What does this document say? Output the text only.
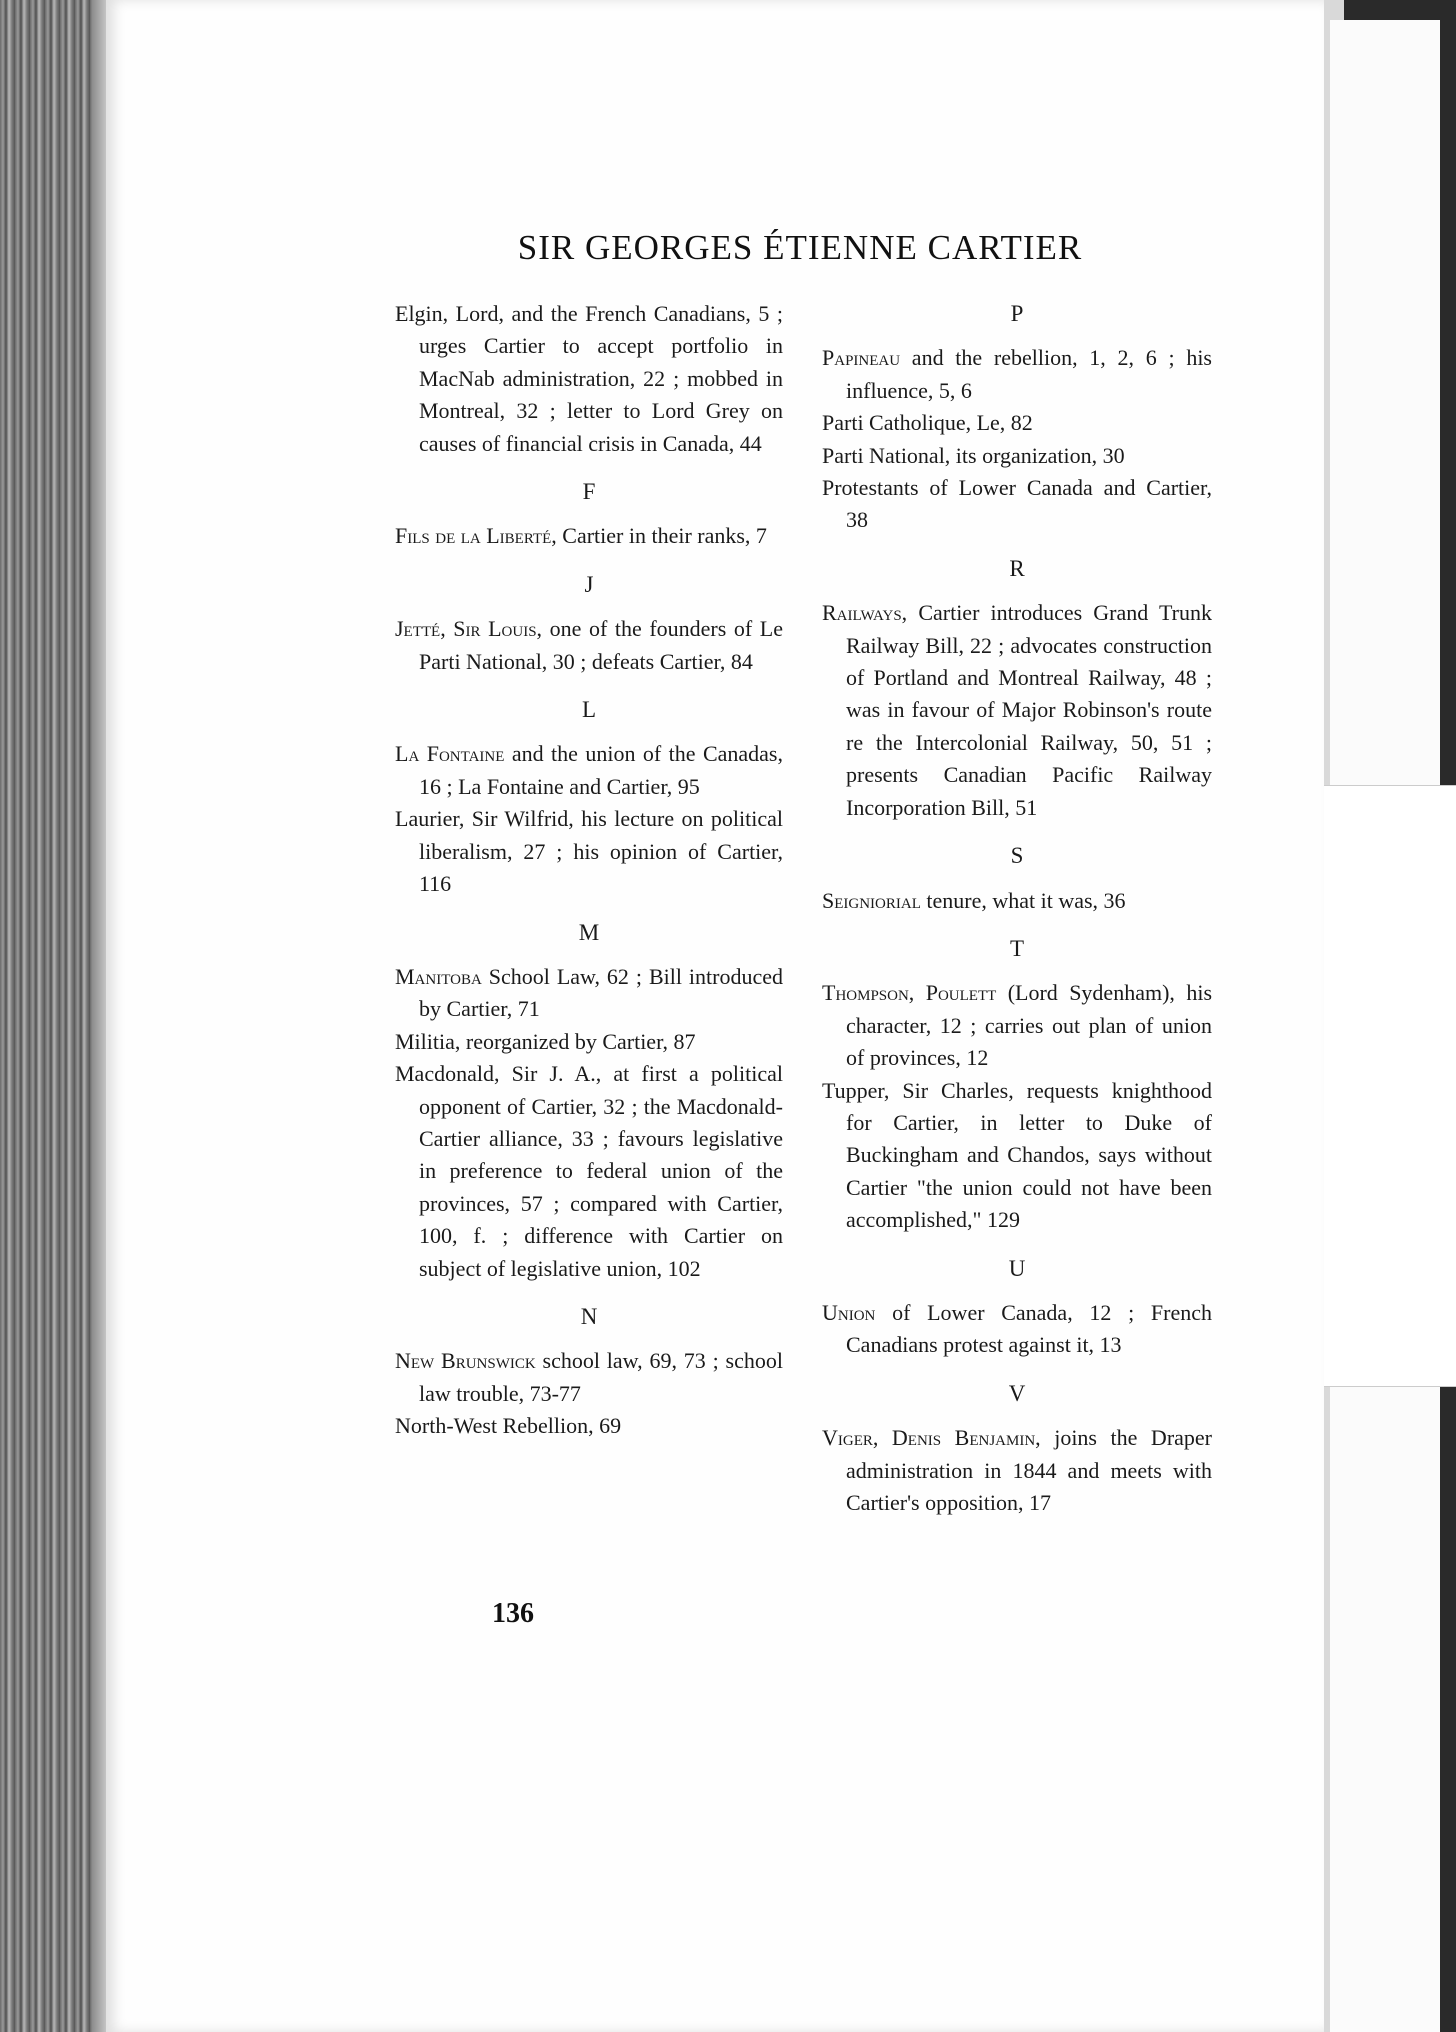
SIR GEORGES ÉTIENNE CARTIER
Elgin, Lord, and the French Canadians, 5 ; urges Cartier to accept portfolio in MacNab administration, 22 ; mobbed in Montreal, 32 ; letter to Lord Grey on causes of financial crisis in Canada, 44
F
Fils de la Liberté, Cartier in their ranks, 7
J
Jetté, Sir Louis, one of the founders of Le Parti National, 30 ; defeats Cartier, 84
L
La Fontaine and the union of the Canadas, 16 ; La Fontaine and Cartier, 95
Laurier, Sir Wilfrid, his lecture on political liberalism, 27 ; his opinion of Cartier, 116
M
Manitoba School Law, 62 ; Bill introduced by Cartier, 71
Militia, reorganized by Cartier, 87
Macdonald, Sir J. A., at first a political opponent of Cartier, 32 ; the Macdonald-Cartier alliance, 33 ; favours legislative in preference to federal union of the provinces, 57 ; compared with Cartier, 100, f. ; difference with Cartier on subject of legislative union, 102
N
New Brunswick school law, 69, 73 ; school law trouble, 73-77
North-West Rebellion, 69
P
Papineau and the rebellion, 1, 2, 6 ; his influence, 5, 6
Parti Catholique, Le, 82
Parti National, its organization, 30
Protestants of Lower Canada and Cartier, 38
R
Railways, Cartier introduces Grand Trunk Railway Bill, 22 ; advocates construction of Portland and Montreal Railway, 48 ; was in favour of Major Robinson's route re the Intercolonial Railway, 50, 51 ; presents Canadian Pacific Railway Incorporation Bill, 51
S
Seigniorial tenure, what it was, 36
T
Thompson, Poulett (Lord Sydenham), his character, 12 ; carries out plan of union of provinces, 12
Tupper, Sir Charles, requests knighthood for Cartier, in letter to Duke of Buckingham and Chandos, says without Cartier "the union could not have been accomplished," 129
U
Union of Lower Canada, 12 ; French Canadians protest against it, 13
V
Viger, Denis Benjamin, joins the Draper administration in 1844 and meets with Cartier's opposition, 17
136
